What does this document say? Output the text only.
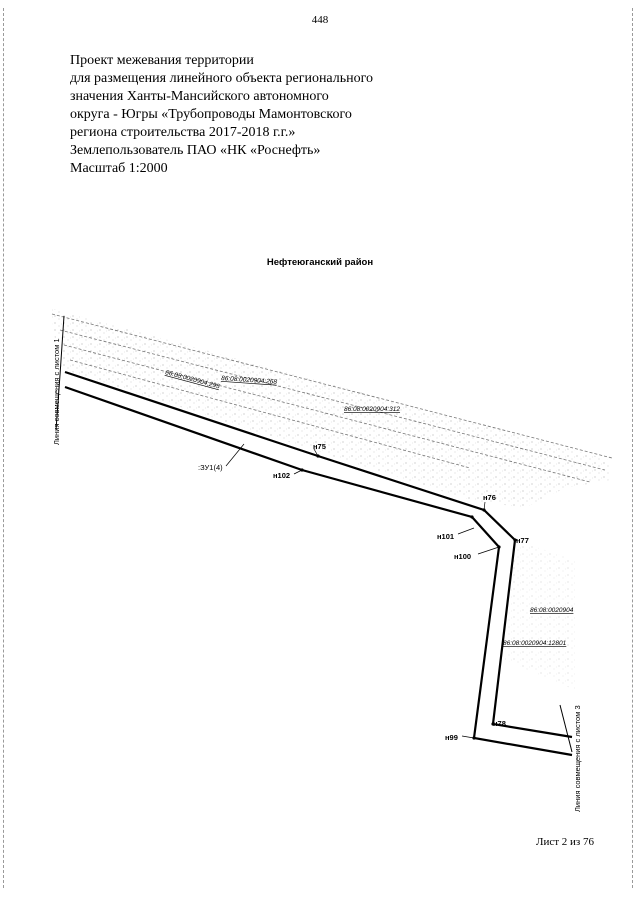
448
Проект межевания территории
для размещения линейного объекта регионального
значения Ханты-Мансийского автономного
округа - Югры «Трубопроводы Мамонтовского
региона строительства 2017-2018 г.г.»
Землепользователь ПАО «НК «Роснефть»
Масштаб 1:2000
Нефтеюганский район
Линия совмещения с листом 1
Линия совмещения с листом 3
86:08:0020904:295 86:08:0020904:268
86:08:0020904:312
86:08:0020904
86:08:0020904:12801
:ЗУ1(4)
н75
н76
н77
н78
н99
н100
н101
н102
Лист 2 из 76
